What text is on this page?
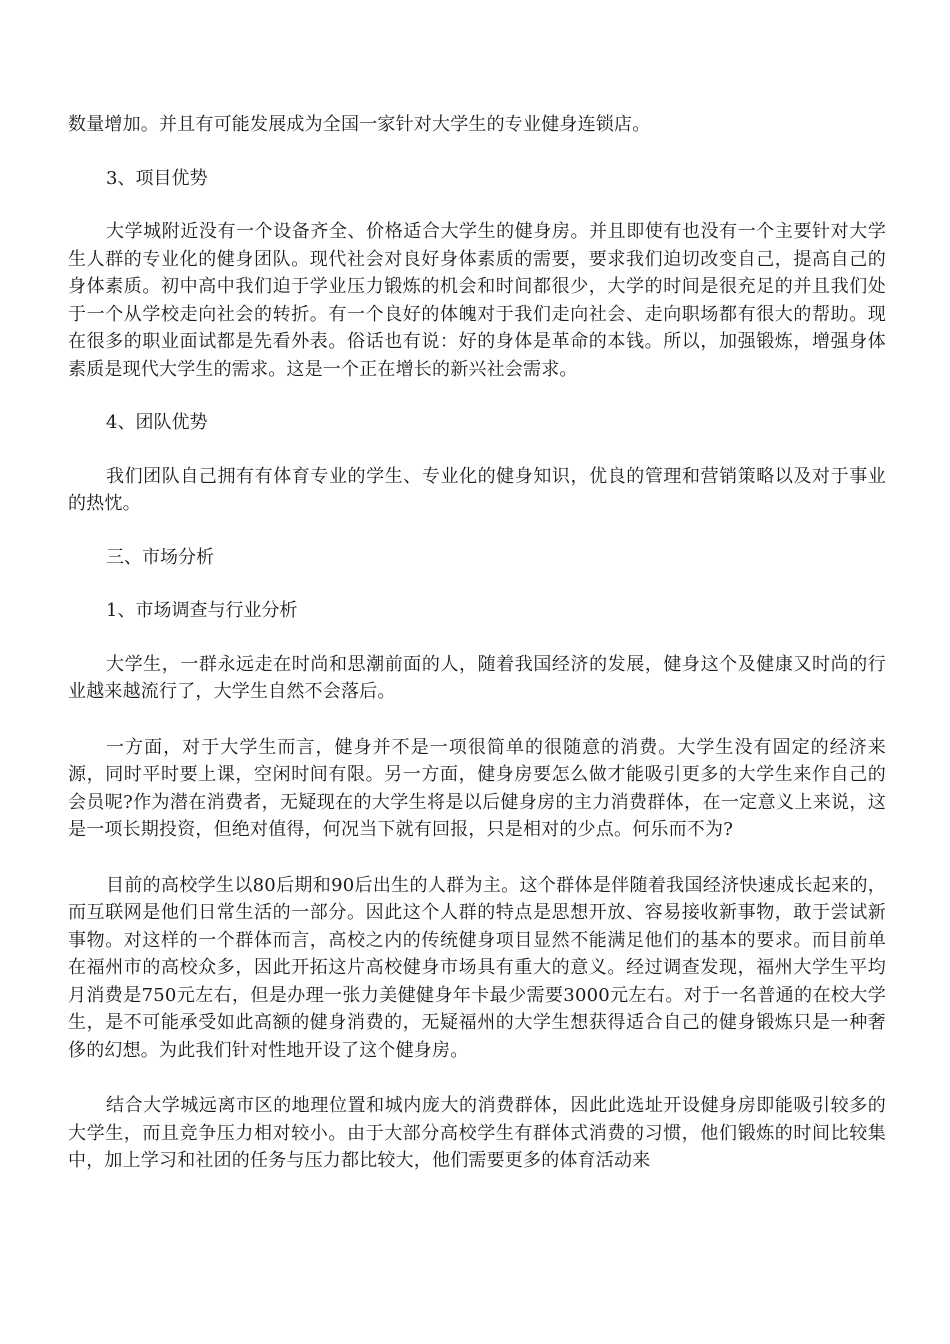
数量增加。并且有可能发展成为全国一家针对大学生的专业健身连锁店。

3、项目优势

大学城附近没有一个设备齐全、价格适合大学生的健身房。并且即使有也没有一个主要针对大学生人群的专业化的健身团队。现代社会对良好身体素质的需要，要求我们迫切改变自己，提高自己的身体素质。初中高中我们迫于学业压力锻炼的机会和时间都很少，大学的时间是很充足的并且我们处于一个从学校走向社会的转折。有一个良好的体魄对于我们走向社会、走向职场都有很大的帮助。现在很多的职业面试都是先看外表。俗话也有说：好的身体是革命的本钱。所以，加强锻炼，增强身体素质是现代大学生的需求。这是一个正在增长的新兴社会需求。

4、团队优势

我们团队自己拥有有体育专业的学生、专业化的健身知识，优良的管理和营销策略以及对于事业的热忱。

三、市场分析

1、市场调查与行业分析

大学生，一群永远走在时尚和思潮前面的人，随着我国经济的发展，健身这个及健康又时尚的行业越来越流行了，大学生自然不会落后。

一方面，对于大学生而言，健身并不是一项很简单的很随意的消费。大学生没有固定的经济来源，同时平时要上课，空闲时间有限。另一方面，健身房要怎么做才能吸引更多的大学生来作自己的会员呢?作为潜在消费者，无疑现在的大学生将是以后健身房的主力消费群体，在一定意义上来说，这是一项长期投资，但绝对值得，何况当下就有回报，只是相对的少点。何乐而不为?

目前的高校学生以80后期和90后出生的人群为主。这个群体是伴随着我国经济快速成长起来的，而互联网是他们日常生活的一部分。因此这个人群的特点是思想开放、容易接收新事物，敢于尝试新事物。对这样的一个群体而言，高校之内的传统健身项目显然不能满足他们的基本的要求。而目前单在福州市的高校众多，因此开拓这片高校健身市场具有重大的意义。经过调查发现，福州大学生平均月消费是750元左右，但是办理一张力美健健身年卡最少需要3000元左右。对于一名普通的在校大学生，是不可能承受如此高额的健身消费的，无疑福州的大学生想获得适合自己的健身锻炼只是一种奢侈的幻想。为此我们针对性地开设了这个健身房。

结合大学城远离市区的地理位置和城内庞大的消费群体，因此此选址开设健身房即能吸引较多的大学生，而且竞争压力相对较小。由于大部分高校学生有群体式消费的习惯，他们锻炼的时间比较集中，加上学习和社团的任务与压力都比较大，他们需要更多的体育活动来
